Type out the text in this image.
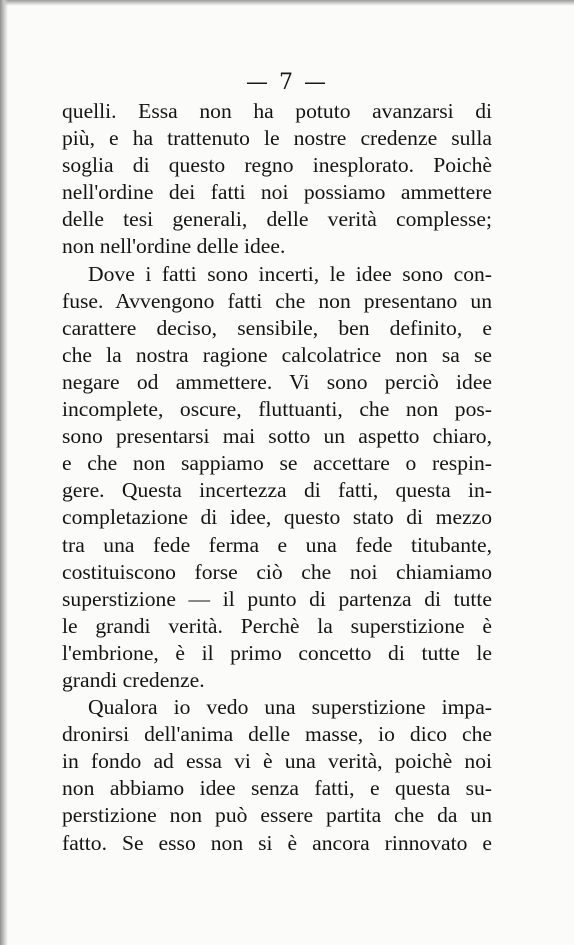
— 7 —
quelli. Essa non ha potuto avanzarsi di
più, e ha trattenuto le nostre credenze sulla
soglia di questo regno inesplorato. Poichè
nell'ordine dei fatti noi possiamo ammettere
delle tesi generali, delle verità complesse;
non nell'ordine delle idee.
Dove i fatti sono incerti, le idee sono con-
fuse. Avvengono fatti che non presentano un
carattere deciso, sensibile, ben definito, e
che la nostra ragione calcolatrice non sa se
negare od ammettere. Vi sono perciò idee
incomplete, oscure, fluttuanti, che non pos-
sono presentarsi mai sotto un aspetto chiaro,
e che non sappiamo se accettare o respin-
gere. Questa incertezza di fatti, questa in-
completazione di idee, questo stato di mezzo
tra una fede ferma e una fede titubante,
costituiscono forse ciò che noi chiamiamo
superstizione — il punto di partenza di tutte
le grandi verità. Perchè la superstizione è
l'embrione, è il primo concetto di tutte le
grandi credenze.
Qualora io vedo una superstizione impa-
dronirsi dell'anima delle masse, io dico che
in fondo ad essa vi è una verità, poichè noi
non abbiamo idee senza fatti, e questa su-
perstizione non può essere partita che da un
fatto. Se esso non si è ancora rinnovato e
